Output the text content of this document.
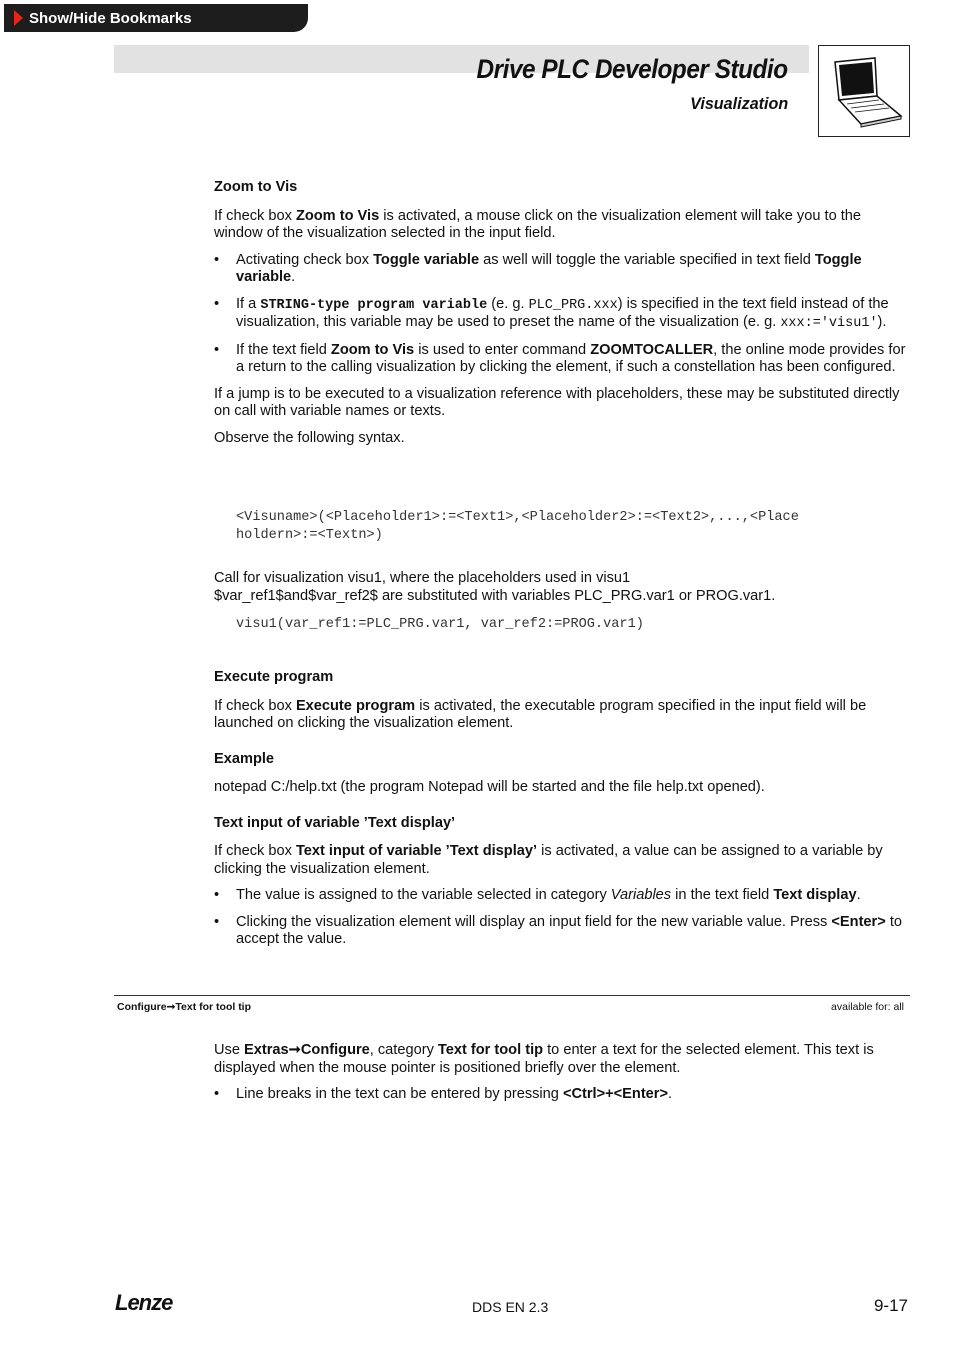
Show/Hide Bookmarks
Drive PLC Developer Studio
Visualization
Zoom to Vis

If check box Zoom to Vis is activated, a mouse click on the visualization element will take you to the window of the visualization selected in the input field.

• Activating check box Toggle variable as well will toggle the variable specified in text field Toggle variable.
• If a STRING-type program variable (e. g. PLC_PRG.xxx) is specified in the text field instead of the visualization, this variable may be used to preset the name of the visualization (e. g. xxx:='visu1').
• If the text field Zoom to Vis is used to enter command ZOOMTOCALLER, the online mode provides for a return to the calling visualization by clicking the element, if such a constellation has been configured.

If a jump is to be executed to a visualization reference with placeholders, these may be substituted directly on call with variable names or texts.

Observe the following syntax.

<Visuname>(<Placeholder1>:=<Text1>,<Placeholder2>:=<Text2>,...,<Place
holdern>:=<Textn>)

Call for visualization visu1, where the placeholders used in visu1

$var_ref1$and$var_ref2$ are substituted with variables PLC_PRG.var1 or PROG.var1.

visu1(var_ref1:=PLC_PRG.var1, var_ref2:=PROG.var1)
Execute program

If check box Execute program is activated, the executable program specified in the input field will be launched on clicking the visualization element.

Example

notepad C:/help.txt (the program Notepad will be started and the file help.txt opened).

Text input of variable ’Text display’

If check box Text input of variable ’Text display’ is activated, a value can be assigned to a variable by clicking the visualization element.

• The value is assigned to the variable selected in category Variables in the text field Text display.
• Clicking the visualization element will display an input field for the new variable value. Press <Enter> to accept the value.
Configure➞Text for tool tip	available for: all

Use Extras➞Configure, category Text for tool tip to enter a text for the selected element. This text is displayed when the mouse pointer is positioned briefly over the element.

• Line breaks in the text can be entered by pressing <Ctrl>+<Enter>.
Lenze	DDS EN 2.3	9-17
